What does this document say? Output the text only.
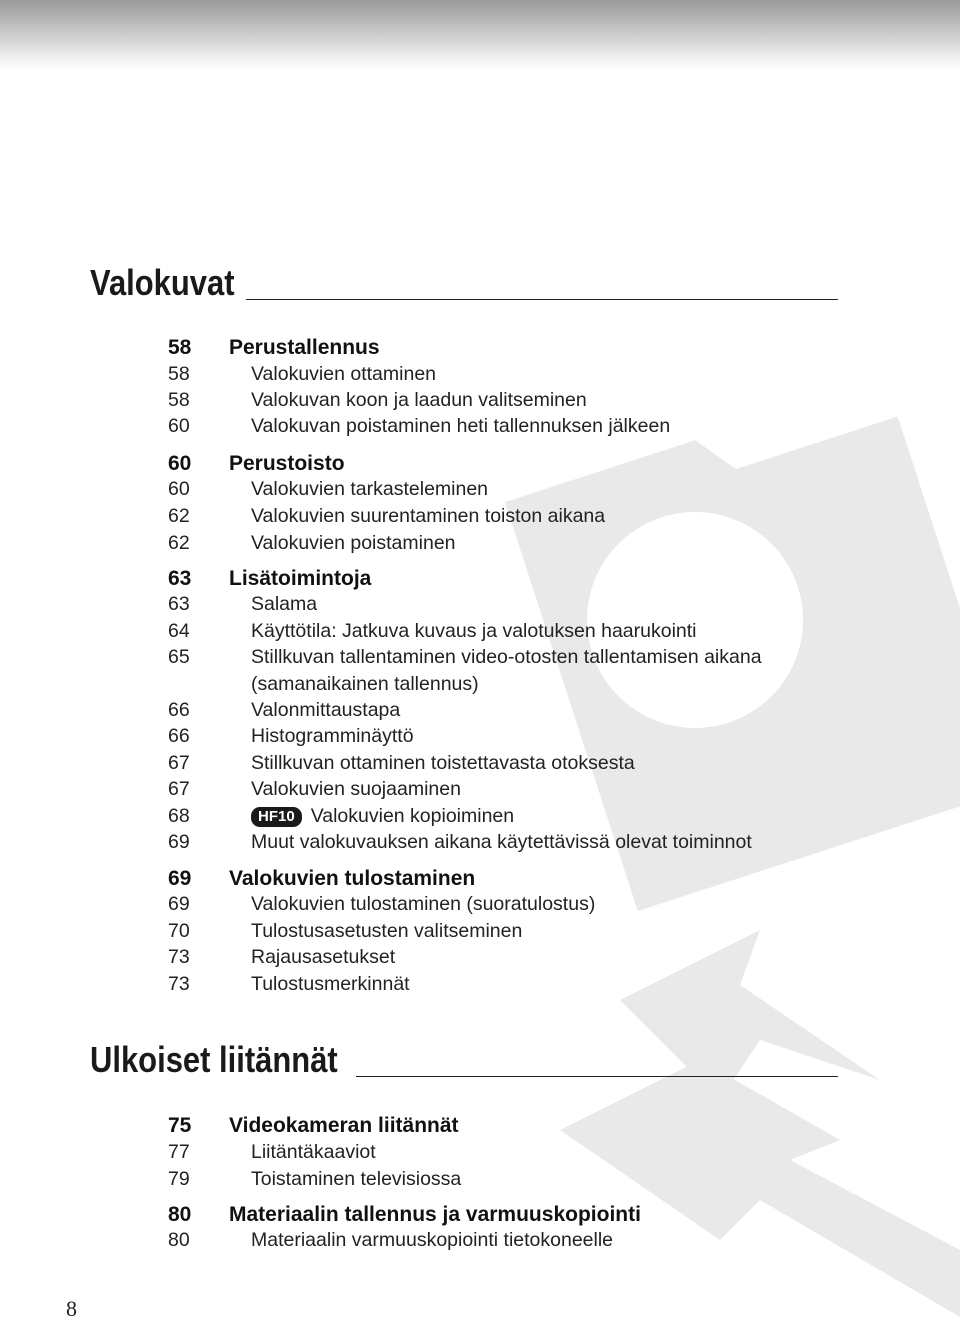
Valokuvat
58	Perustallennus
58	Valokuvien ottaminen
58	Valokuvan koon ja laadun valitseminen
60	Valokuvan poistaminen heti tallennuksen jälkeen
60	Perustoisto
60	Valokuvien tarkasteleminen
62	Valokuvien suurentaminen toiston aikana
62	Valokuvien poistaminen
63	Lisätoimintoja
63	Salama
64	Käyttötila: Jatkuva kuvaus ja valotuksen haarukointi
65	Stillkuvan tallentaminen video-otosten tallentamisen aikana
(samanaikainen tallennus)
66	Valonmittaustapa
66	Histogramminäyttö
67	Stillkuvan ottaminen toistettavasta otoksesta
67	Valokuvien suojaaminen
68	HF10 Valokuvien kopioiminen
69	Muut valokuvauksen aikana käytettävissä olevat toiminnot
69	Valokuvien tulostaminen
69	Valokuvien tulostaminen (suoratulostus)
70	Tulostusasetusten valitseminen
73	Rajausasetukset
73	Tulostusmerkinnät
Ulkoiset liitännät
75	Videokameran liitännät
77	Liitäntäkaaviot
79	Toistaminen televisiossa
80	Materiaalin tallennus ja varmuuskopiointi
80	Materiaalin varmuuskopiointi tietokoneelle
8
